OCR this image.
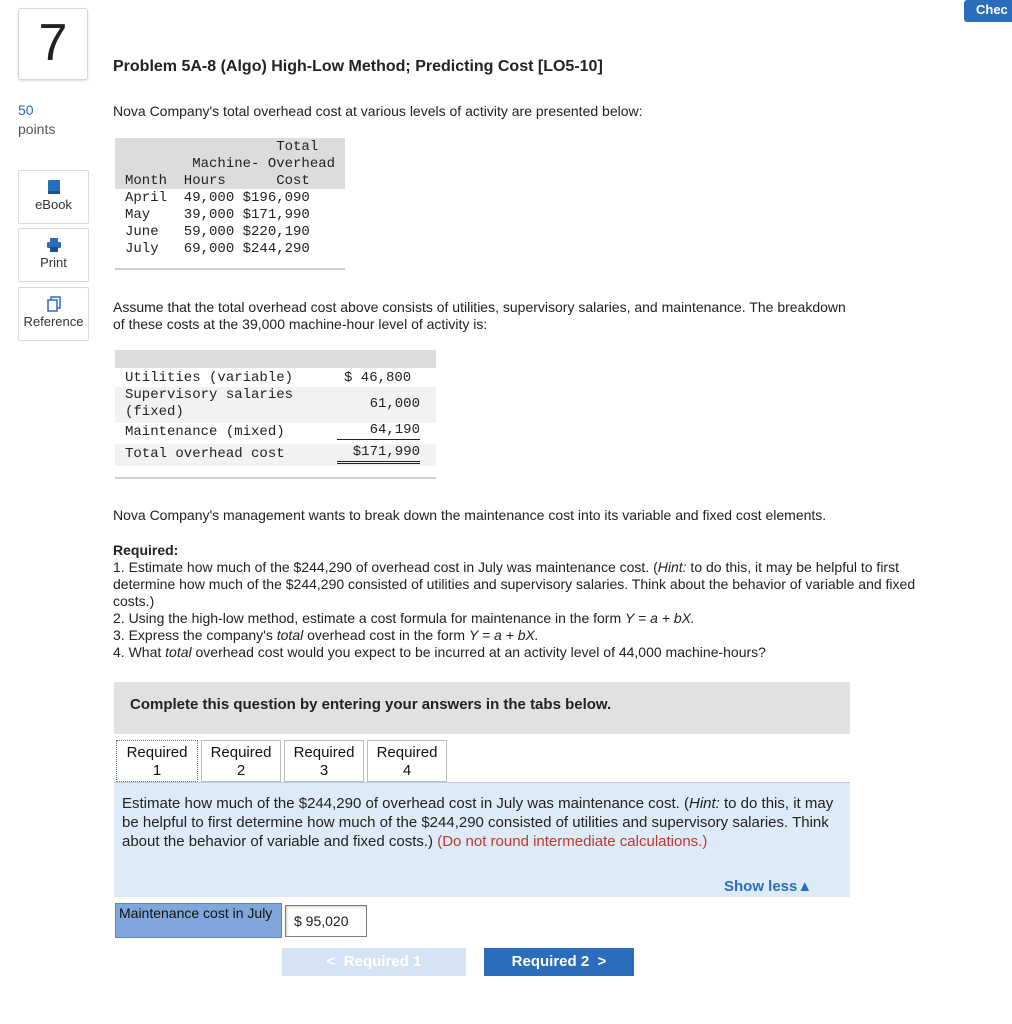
7
50
points
eBook
Print
Reference
Chec
Problem 5A-8 (Algo) High-Low Method; Predicting Cost [LO5-10]
Nova Company's total overhead cost at various levels of activity are presented below:
Total
Machine- Overhead
Month  Hours      Cost
April  49,000 $196,090
May    39,000 $171,990
June   59,000 $220,190
July   69,000 $244,290
Assume that the total overhead cost above consists of utilities, supervisory salaries, and maintenance. The breakdown
of these costs at the 39,000 machine-hour level of activity is:
Utilities (variable)	$ 46,800
Supervisory salaries (fixed)	61,000
Maintenance (mixed)	64,190
Total overhead cost	$171,990
Nova Company's management wants to break down the maintenance cost into its variable and fixed cost elements.
Required:
1. Estimate how much of the $244,290 of overhead cost in July was maintenance cost. (Hint: to do this, it may be helpful to first determine how much of the $244,290 consisted of utilities and supervisory salaries. Think about the behavior of variable and fixed costs.)
2. Using the high-low method, estimate a cost formula for maintenance in the form Y = a + bX.
3. Express the company's total overhead cost in the form Y = a + bX.
4. What total overhead cost would you expect to be incurred at an activity level of 44,000 machine-hours?
Complete this question by entering your answers in the tabs below.
Required
1
Required
2
Required
3
Required
4
Estimate how much of the $244,290 of overhead cost in July was maintenance cost. (Hint: to do this, it may be helpful to first determine how much of the $244,290 consisted of utilities and supervisory salaries. Think about the behavior of variable and fixed costs.) (Do not round intermediate calculations.)
Show less▲
Maintenance cost in July	$ 95,020
<  Required 1	Required 2  >
